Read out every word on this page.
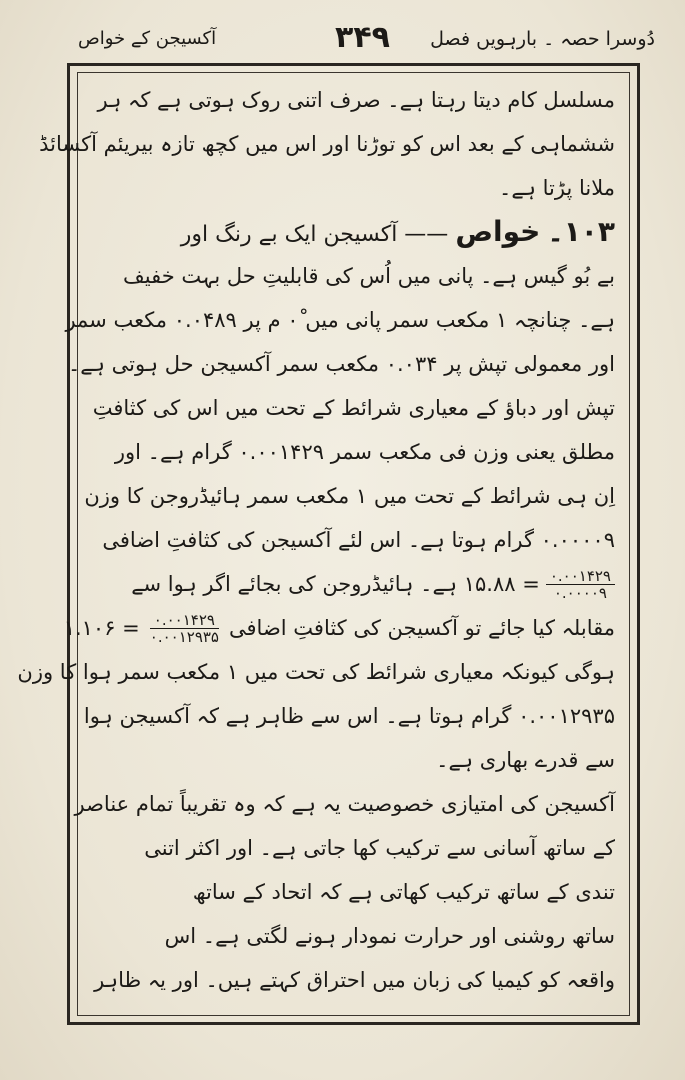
دُوسرا حصہ ۔ بارہویں فصل
۳۴۹
آکسیجن کے خواص
مسلسل کام دیتا رہتا ہے۔ صرف اتنی روک ہوتی ہے کہ ہر
ششماہی کے بعد اس کو توڑنا اور اس میں کچھ تازہ بیریئم آکسائڈ
ملانا پڑتا ہے۔
۱۰۳۔ خواص —— آکسیجن ایک بے رنگ اور
بے بُو گیس ہے۔ پانی میں اُس کی قابلیتِ حل بہت خفیف
ہے۔ چنانچہ ۱ مکعب سمر پانی میں ۰ْ م پر ۰.۰۴۸۹ مکعب سمر
اور معمولی تپش پر ۰.۰۳۴ مکعب سمر آکسیجن حل ہوتی ہے۔
تپش اور دباؤ کے معیاری شرائط کے تحت میں اس کی کثافتِ
مطلق یعنی وزن فی مکعب سمر ۰.۰۰۱۴۲۹ گرام ہے۔ اور
اِن ہی شرائط کے تحت میں ۱ مکعب سمر ہائیڈروجن کا وزن
۰.۰۰۰۰۹ گرام ہوتا ہے۔ اس لئے آکسیجن کی کثافتِ اضافی
$\frac{۰.۰۰۱۴۲۹}{۰.۰۰۰۰۹}$
= ۱۵.۸۸ ہے۔ ہائیڈروجن کی بجائے اگر ہوا سے
مقابلہ کیا جائے تو آکسیجن کی کثافتِ اضافی
$\frac{۰.۰۰۱۴۲۹}{۰.۰۰۱۲۹۳۵}$
= ۱.۱۰۶
ہوگی کیونکہ معیاری شرائط کی تحت میں ۱ مکعب سمر ہوا کا وزن
۰.۰۰۱۲۹۳۵ گرام ہوتا ہے۔ اس سے ظاہر ہے کہ آکسیجن ہوا
سے قدرے بھاری ہے۔
آکسیجن کی امتیازی خصوصیت یہ ہے کہ وہ تقریباً تمام عناصر
کے ساتھ آسانی سے ترکیب کھا جاتی ہے۔ اور اکثر اتنی
تندی کے ساتھ ترکیب کھاتی ہے کہ اتحاد کے ساتھ
ساتھ روشنی اور حرارت نمودار ہونے لگتی ہے۔ اس
واقعہ کو کیمیا کی زبان میں احتراق کہتے ہیں۔ اور یہ ظاہر
